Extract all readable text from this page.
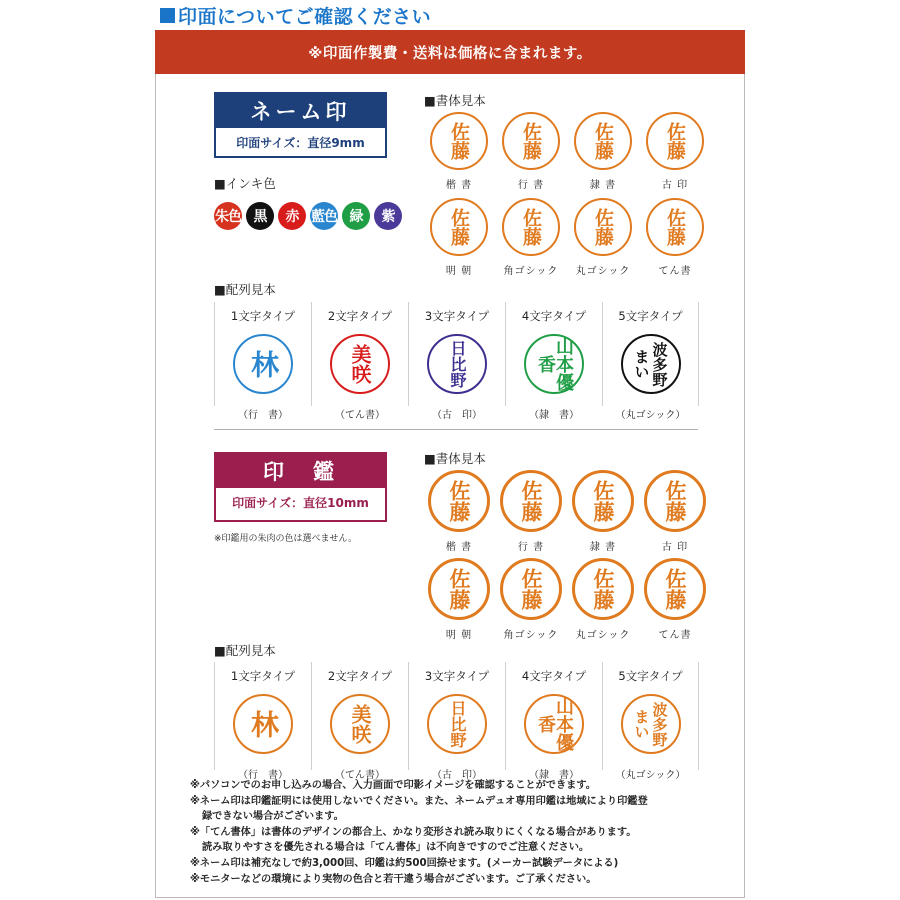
印面についてご確認ください
※印面作製費・送料は価格に含まれます。
ネーム印
印面サイズ：直径9mm
■インキ色
朱色 黒	赤 藍色 緑	紫
■書体見本
佐藤
楷 書
佐藤
行 書
佐藤
隷 書
佐藤
古 印
佐藤
明 朝
佐藤
角ゴシック
佐藤
丸ゴシック
佐藤
てん書
■配列見本
1文字タイプ
林
（行　書）
2文字タイプ
美咲
（てん書）
3文字タイプ
日比野
（古　印）
4文字タイプ
山本優香
（隷　書）
5文字タイプ
波多野まい
（丸ゴシック）
印　鑑
印面サイズ：直径10mm
※印鑑用の朱肉の色は選べません。
■書体見本
佐藤
楷 書
佐藤
行 書
佐藤
隷 書
佐藤
古 印
佐藤
明 朝
佐藤
角ゴシック
佐藤
丸ゴシック
佐藤
てん書
■配列見本
1文字タイプ
林
（行　書）
2文字タイプ
美咲
（てん書）
3文字タイプ
日比野
（古　印）
4文字タイプ
山本優香
（隷　書）
5文字タイプ
波多野まい
（丸ゴシック）
※パソコンでのお申し込みの場合、入力画面で印影イメージを確認することができます。
※ネーム印は印鑑証明には使用しないでください。また、ネームデュオ専用印鑑は地域により印鑑登
録できない場合がございます。
※「てん書体」は書体のデザインの都合上、かなり変形され読み取りにくくなる場合があります。
読み取りやすさを優先される場合は「てん書体」は不向きですのでご注意ください。
※ネーム印は補充なしで約3,000回、印鑑は約500回捺せます。(メーカー試験データによる)
※モニターなどの環境により実物の色合と若干違う場合がございます。ご了承ください。
